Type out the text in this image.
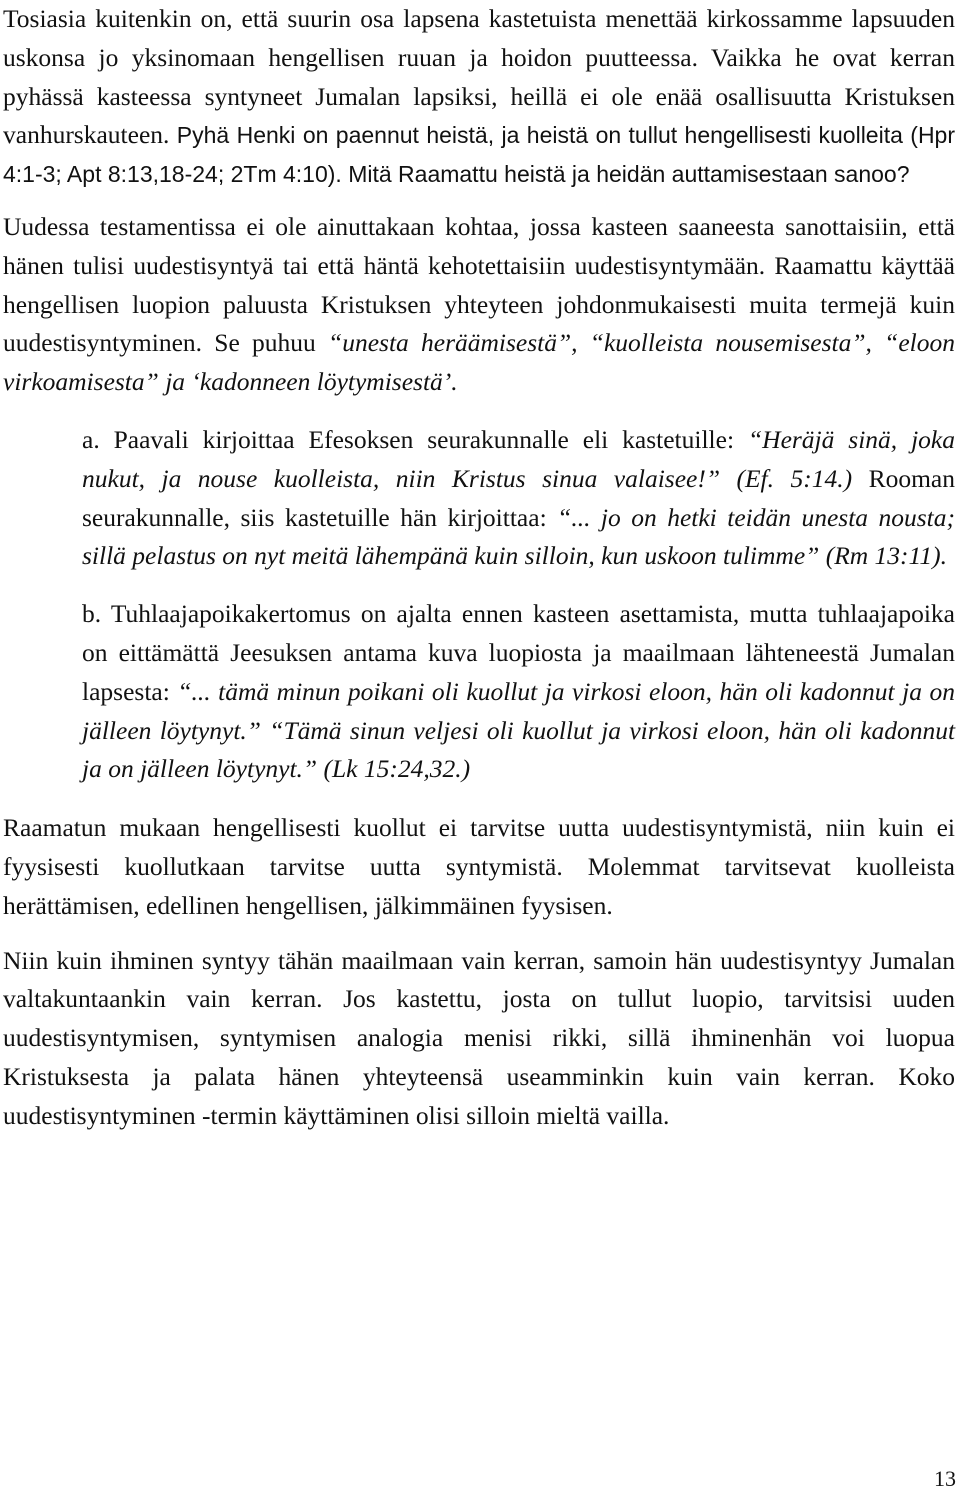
Tosiasia kuitenkin on, että suurin osa lapsena kastetuista menettää kirkossamme lapsuuden uskonsa jo yksinomaan hengellisen ruuan ja hoidon puutteessa. Vaikka he ovat kerran pyhässä kasteessa syntyneet Jumalan lapsiksi, heillä ei ole enää osallisuutta Kristuksen vanhurskauteen. Pyhä Henki on paennut heistä, ja heistä on tullut hengellisesti kuolleita (Hpr 4:1-3; Apt 8:13,18-24; 2Tm 4:10). Mitä Raamattu heistä ja heidän auttamisestaan sanoo?

Uudessa testamentissa ei ole ainuttakaan kohtaa, jossa kasteen saaneesta sanottaisiin, että hänen tulisi uudestisyntyä tai että häntä kehotettaisiin uudestisyntymään. Raamattu käyttää hengellisen luopion paluusta Kristuksen yhteyteen johdonmukaisesti muita termejä kuin uudestisyntyminen. Se puhuu “unesta heräämisestä”, “kuolleista nousemisesta”, “eloon virkoamisesta” ja ‘kadonneen löytymisestä’.

a. Paavali kirjoittaa Efesoksen seurakunnalle eli kastetuille: “Heräjä sinä, joka nukut, ja nouse kuolleista, niin Kristus sinua valaisee!” (Ef. 5:14.) Rooman seurakunnalle, siis kastetuille hän kirjoittaa: “... jo on hetki teidän unesta nousta; sillä pelastus on nyt meitä lähempänä kuin silloin, kun uskoon tulimme” (Rm 13:11).

b. Tuhlaajapoikakertomus on ajalta ennen kasteen asettamista, mutta tuhlaajapoika on eittämättä Jeesuksen antama kuva luopiosta ja maailmaan lähteneestä Jumalan lapsesta: “... tämä minun poikani oli kuollut ja virkosi eloon, hän oli kadonnut ja on jälleen löytynyt.” “Tämä sinun veljesi oli kuollut ja virkosi eloon, hän oli kadonnut ja on jälleen löytynyt.” (Lk 15:24,32.)

Raamatun mukaan hengellisesti kuollut ei tarvitse uutta uudestisyntymistä, niin kuin ei fyysisesti kuollutkaan tarvitse uutta syntymistä. Molemmat tarvitsevat kuolleista herättämisen, edellinen hengellisen, jälkimmäinen fyysisen.

Niin kuin ihminen syntyy tähän maailmaan vain kerran, samoin hän uudestisyntyy Jumalan valtakuntaankin vain kerran. Jos kastettu, josta on tullut luopio, tarvitsisi uuden uudestisyntymisen, syntymisen analogia menisi rikki, sillä ihminenhän voi luopua Kristuksesta ja palata hänen yhteyteensä useamminkin kuin vain kerran. Koko uudestisyntyminen -termin käyttäminen olisi silloin mieltä vailla.

13
